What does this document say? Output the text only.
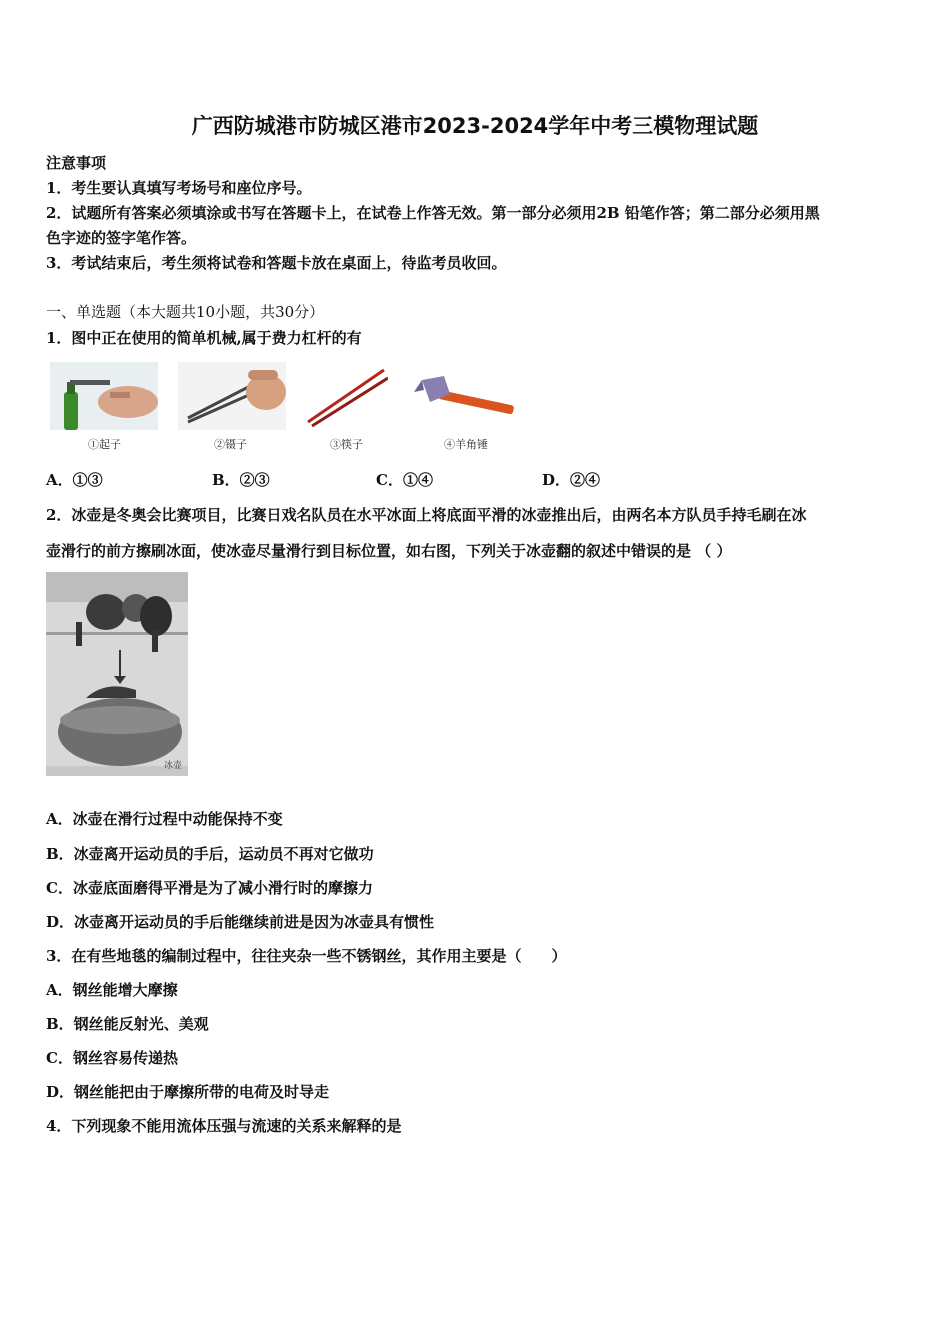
广西防城港市防城区港市2023-2024学年中考三模物理试题
注意事项
1．考生要认真填写考场号和座位序号。
2．试题所有答案必须填涂或书写在答题卡上，在试卷上作答无效。第一部分必须用2B 铅笔作答；第二部分必须用黑
色字迹的签字笔作答。
3．考试结束后，考生须将试卷和答题卡放在桌面上，待监考员收回。
一、单选题（本大题共10小题，共30分）
1．图中正在使用的简单机械,属于费力杠杆的有
①起子	②镊子	③筷子	④羊角锤
A．①③	B．②③	C．①④	D．②④
2．冰壶是冬奥会比赛项目，比赛日戏名队员在水平冰面上将底面平滑的冰壶推出后，由两名本方队员手持毛刷在冰
壶滑行的前方擦刷冰面，使冰壶尽量滑行到目标位置，如右图，下列关于冰壶翻的叙述中错误的是 （ ）
冰壶
A．冰壶在滑行过程中动能保持不变
B．冰壶离开运动员的手后，运动员不再对它做功
C．冰壶底面磨得平滑是为了减小滑行时的摩擦力
D．冰壶离开运动员的手后能继续前进是因为冰壶具有惯性
3．在有些地毯的编制过程中，往往夹杂一些不锈钢丝，其作用主要是（　　）
A．钢丝能增大摩擦
B．钢丝能反射光、美观
C．钢丝容易传递热
D．钢丝能把由于摩擦所带的电荷及时导走
4．下列现象不能用流体压强与流速的关系来解释的是
